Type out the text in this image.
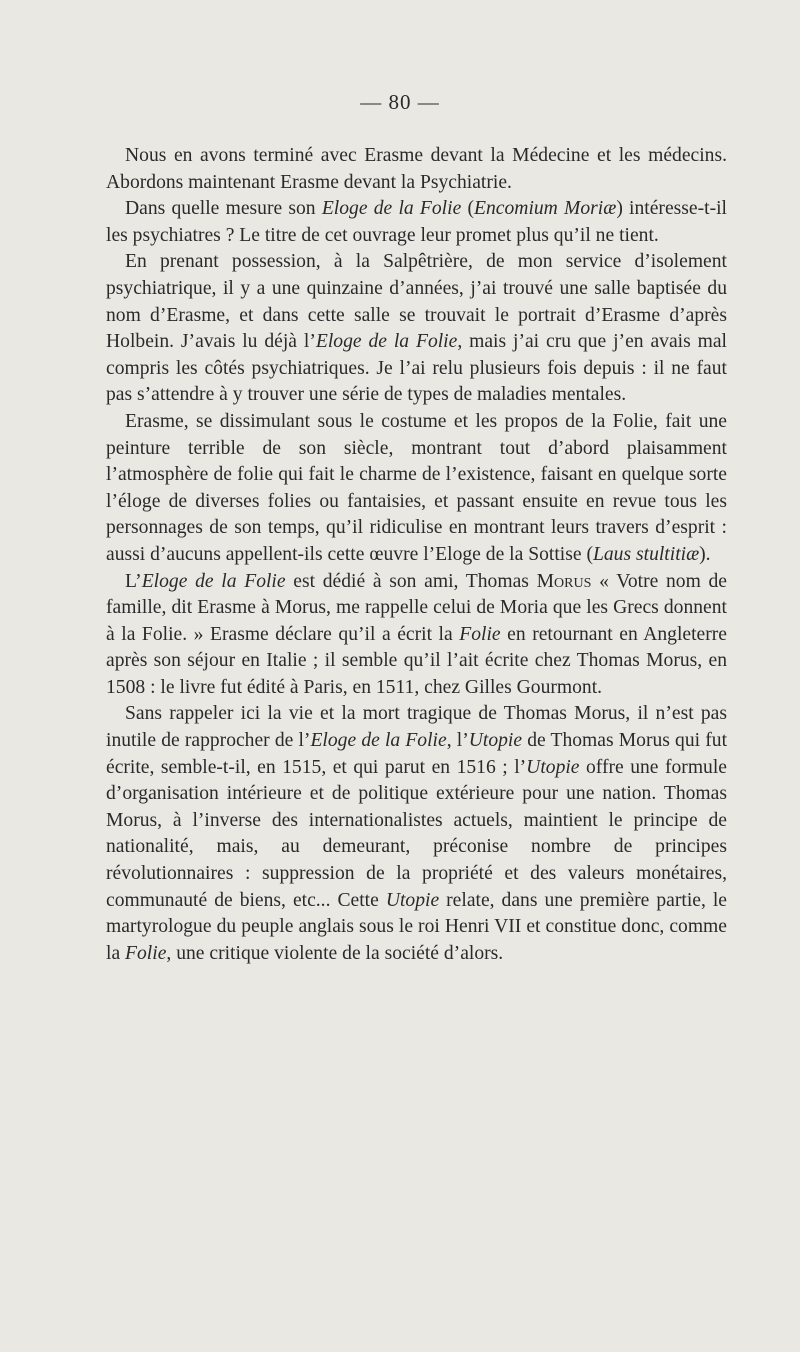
— 80 —

Nous en avons terminé avec Erasme devant la Médecine et les médecins. Abordons maintenant Erasme devant la Psychiatrie.

Dans quelle mesure son Eloge de la Folie (Encomium Moriæ) intéresse-t-il les psychiatres ? Le titre de cet ouvrage leur promet plus qu’il ne tient.

En prenant possession, à la Salpêtrière, de mon service d’isolement psychiatrique, il y a une quinzaine d’années, j’ai trouvé une salle baptisée du nom d’Erasme, et dans cette salle se trouvait le portrait d’Erasme d’après Holbein. J’avais lu déjà l’Eloge de la Folie, mais j’ai cru que j’en avais mal compris les côtés psychiatriques. Je l’ai relu plusieurs fois depuis : il ne faut pas s’attendre à y trouver une série de types de maladies mentales.

Erasme, se dissimulant sous le costume et les propos de la Folie, fait une peinture terrible de son siècle, montrant tout d’abord plaisamment l’atmosphère de folie qui fait le charme de l’existence, faisant en quelque sorte l’éloge de diverses folies ou fantaisies, et passant ensuite en revue tous les personnages de son temps, qu’il ridiculise en montrant leurs travers d’esprit : aussi d’aucuns appellent-ils cette œuvre l’Eloge de la Sottise (Laus stultitiæ).

L’Eloge de la Folie est dédié à son ami, Thomas Morus « Votre nom de famille, dit Erasme à Morus, me rappelle celui de Moria que les Grecs donnent à la Folie. » Erasme déclare qu’il a écrit la Folie en retournant en Angleterre après son séjour en Italie ; il semble qu’il l’ait écrite chez Thomas Morus, en 1508 : le livre fut édité à Paris, en 1511, chez Gilles Gourmont.

Sans rappeler ici la vie et la mort tragique de Thomas Morus, il n’est pas inutile de rapprocher de l’Eloge de la Folie, l’Utopie de Thomas Morus qui fut écrite, semble-t-il, en 1515, et qui parut en 1516 ; l’Utopie offre une formule d’organisation intérieure et de politique extérieure pour une nation. Thomas Morus, à l’inverse des internationalistes actuels, maintient le principe de nationalité, mais, au demeurant, préconise nombre de principes révolutionnaires : suppression de la propriété et des valeurs monétaires, communauté de biens, etc... Cette Utopie relate, dans une première partie, le martyrologue du peuple anglais sous le roi Henri VII et constitue donc, comme la Folie, une critique violente de la société d’alors.
